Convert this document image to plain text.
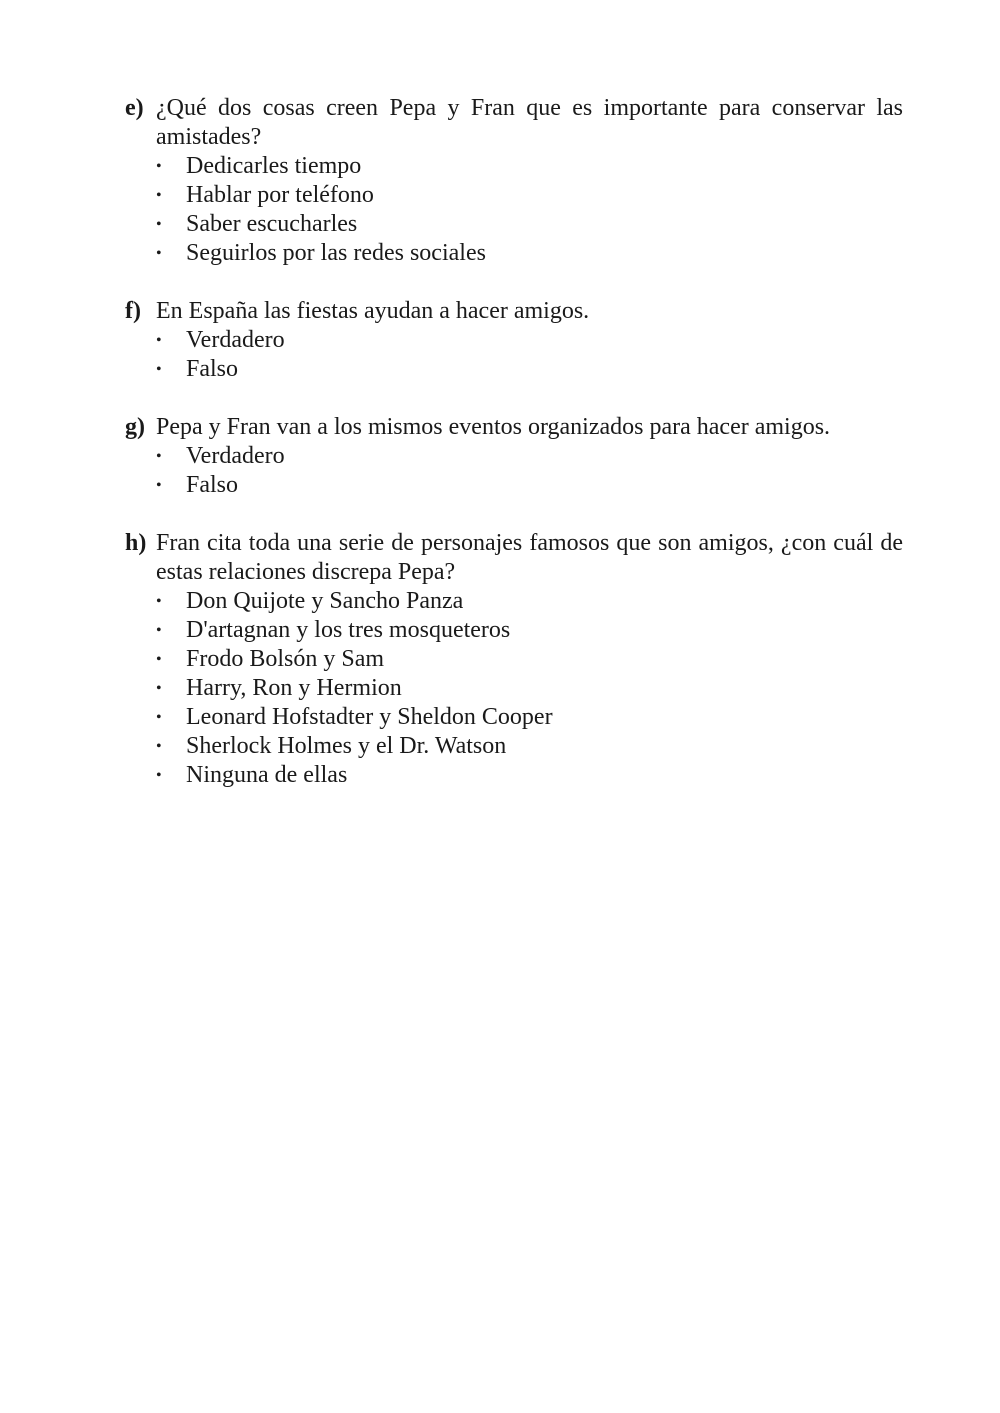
e) ¿Qué dos cosas creen Pepa y Fran que es importante para conservar las amistades?
•	Dedicarles tiempo
•	Hablar por teléfono
•	Saber escucharles
•	Seguirlos por las redes sociales
f) En España las fiestas ayudan a hacer amigos.
•	Verdadero
•	Falso
g) Pepa y Fran van a los mismos eventos organizados para hacer amigos.
•	Verdadero
•	Falso
h) Fran cita toda una serie de personajes famosos que son amigos, ¿con cuál de estas relaciones discrepa Pepa?
•	Don Quijote y Sancho Panza
•	D'artagnan y los tres mosqueteros
•	Frodo Bolsón y Sam
•	Harry, Ron y Hermion
•	Leonard Hofstadter y Sheldon Cooper
•	Sherlock Holmes y el Dr. Watson
•	Ninguna de ellas
